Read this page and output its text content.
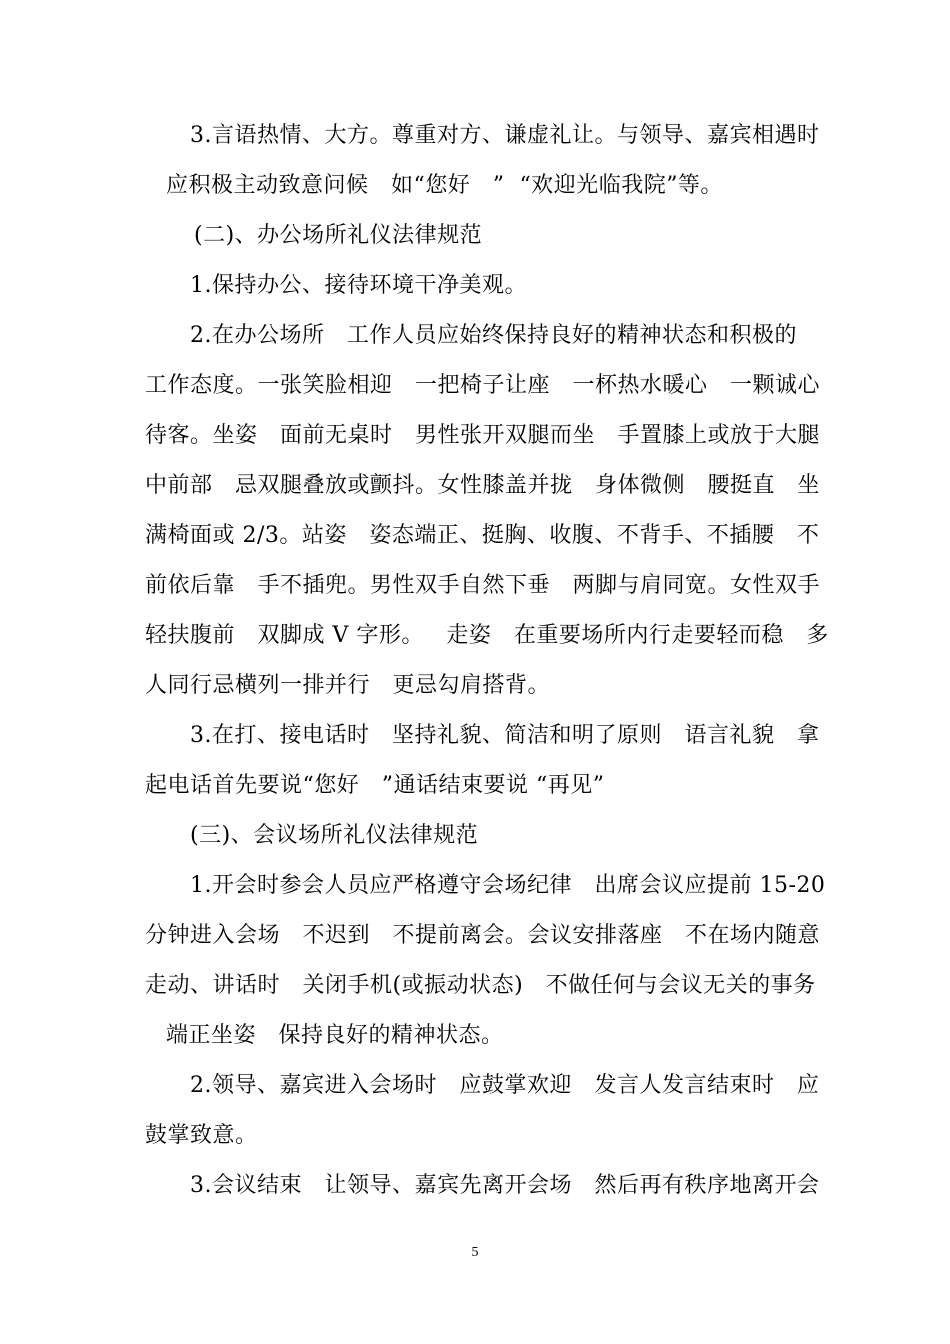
3.言语热情、大方。尊重对方、谦虚礼让。与领导、嘉宾相遇时
应积极主动致意问候   如“您好   ”  “欢迎光临我院”等。
(二)、办公场所礼仪法律规范
1.保持办公、接待环境干净美观。
2.在办公场所   工作人员应始终保持良好的精神状态和积极的
工作态度。一张笑脸相迎   一把椅子让座   一杯热水暖心   一颗诚心
待客。坐姿   面前无桌时   男性张开双腿而坐   手置膝上或放于大腿
中前部   忌双腿叠放或颤抖。女性膝盖并拢   身体微侧   腰挺直   坐
满椅面或 2/3。站姿   姿态端正、挺胸、收腹、不背手、不插腰   不
前依后靠   手不插兜。男性双手自然下垂   两脚与肩同宽。女性双手
轻扶腹前   双脚成 V 字形。   走姿   在重要场所内行走要轻而稳   多
人同行忌横列一排并行   更忌勾肩搭背。
3.在打、接电话时   坚持礼貌、简洁和明了原则   语言礼貌   拿
起电话首先要说“您好   ”通话结束要说 “再见”
(三)、会议场所礼仪法律规范
1.开会时参会人员应严格遵守会场纪律   出席会议应提前 15-20
分钟进入会场   不迟到   不提前离会。会议安排落座   不在场内随意
走动、讲话时   关闭手机(或振动状态)   不做任何与会议无关的事务
端正坐姿   保持良好的精神状态。
2.领导、嘉宾进入会场时   应鼓掌欢迎   发言人发言结束时   应
鼓掌致意。
3.会议结束   让领导、嘉宾先离开会场   然后再有秩序地离开会
5
